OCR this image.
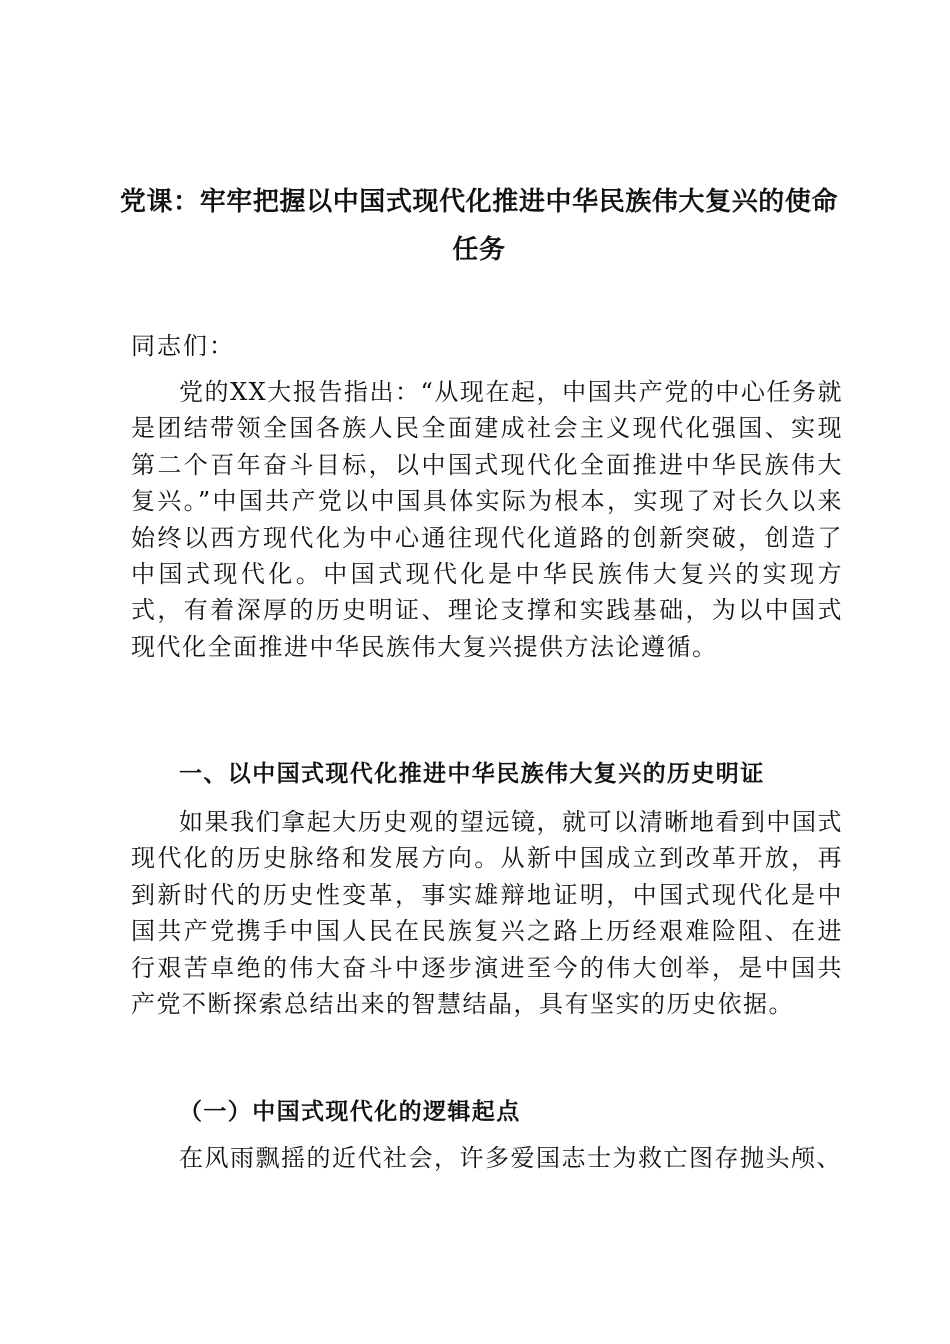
党课：牢牢把握以中国式现代化推进中华民族伟大复兴的使命任务
同志们：
党的XX大报告指出：“从现在起，中国共产党的中心任务就是团结带领全国各族人民全面建成社会主义现代化强国、实现第二个百年奋斗目标，以中国式现代化全面推进中华民族伟大复兴。”中国共产党以中国具体实际为根本，实现了对长久以来始终以西方现代化为中心通往现代化道路的创新突破，创造了中国式现代化。中国式现代化是中华民族伟大复兴的实现方式，有着深厚的历史明证、理论支撑和实践基础，为以中国式现代化全面推进中华民族伟大复兴提供方法论遵循。
一、以中国式现代化推进中华民族伟大复兴的历史明证
如果我们拿起大历史观的望远镜，就可以清晰地看到中国式现代化的历史脉络和发展方向。从新中国成立到改革开放，再到新时代的历史性变革，事实雄辩地证明，中国式现代化是中国共产党携手中国人民在民族复兴之路上历经艰难险阻、在进行艰苦卓绝的伟大奋斗中逐步演进至今的伟大创举，是中国共产党不断探索总结出来的智慧结晶，具有坚实的历史依据。
（一）中国式现代化的逻辑起点
在风雨飘摇的近代社会，许多爱国志士为救亡图存抛头颅、
